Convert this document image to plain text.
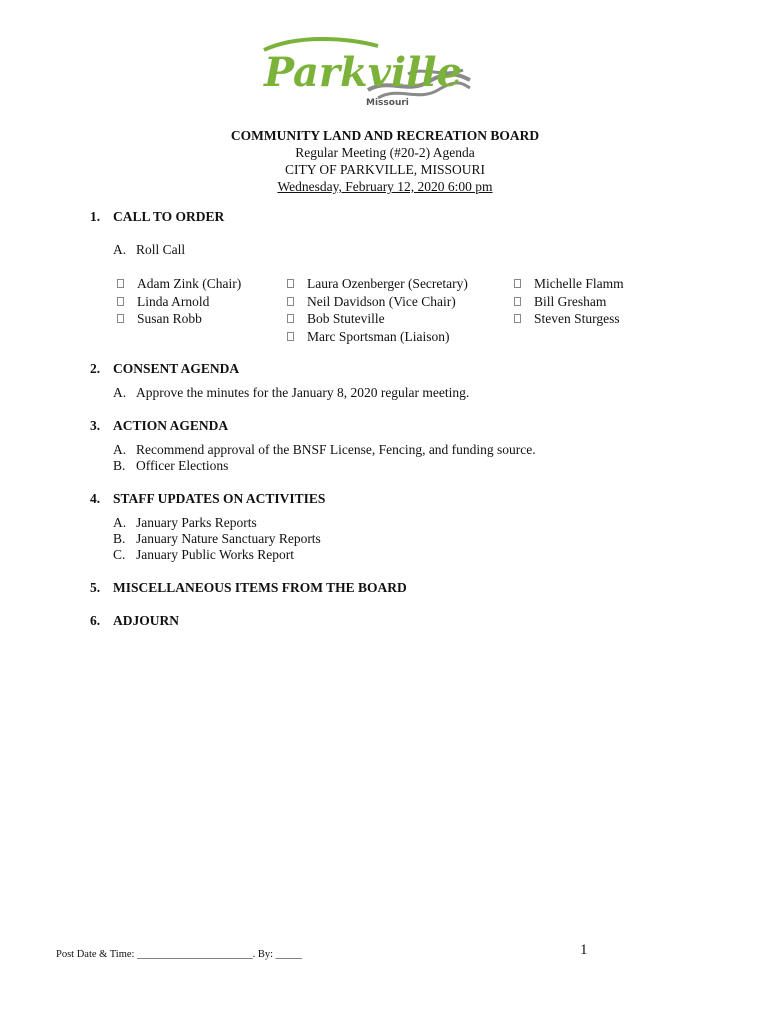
Parkville
Missouri
COMMUNITY LAND AND RECREATION BOARD
Regular Meeting (#20-2) Agenda
CITY OF PARKVILLE, MISSOURI
Wednesday, February 12, 2020 6:00 pm
1. CALL TO ORDER
A. Roll Call
Adam Zink (Chair)
Linda Arnold
Susan Robb
Laura Ozenberger (Secretary)
Neil Davidson (Vice Chair)
Bob Stuteville
Marc Sportsman (Liaison)
Michelle Flamm
Bill Gresham
Steven Sturgess
2. CONSENT AGENDA
A. Approve the minutes for the January 8, 2020 regular meeting.
3. ACTION AGENDA
A. Recommend approval of the BNSF License, Fencing, and funding source.
B. Officer Elections
4. STAFF UPDATES ON ACTIVITIES
A. January Parks Reports
B. January Nature Sanctuary Reports
C. January Public Works Report
5. MISCELLANEOUS ITEMS FROM THE BOARD
6. ADJOURN
Post Date & Time: ______________________. By: _____	1
